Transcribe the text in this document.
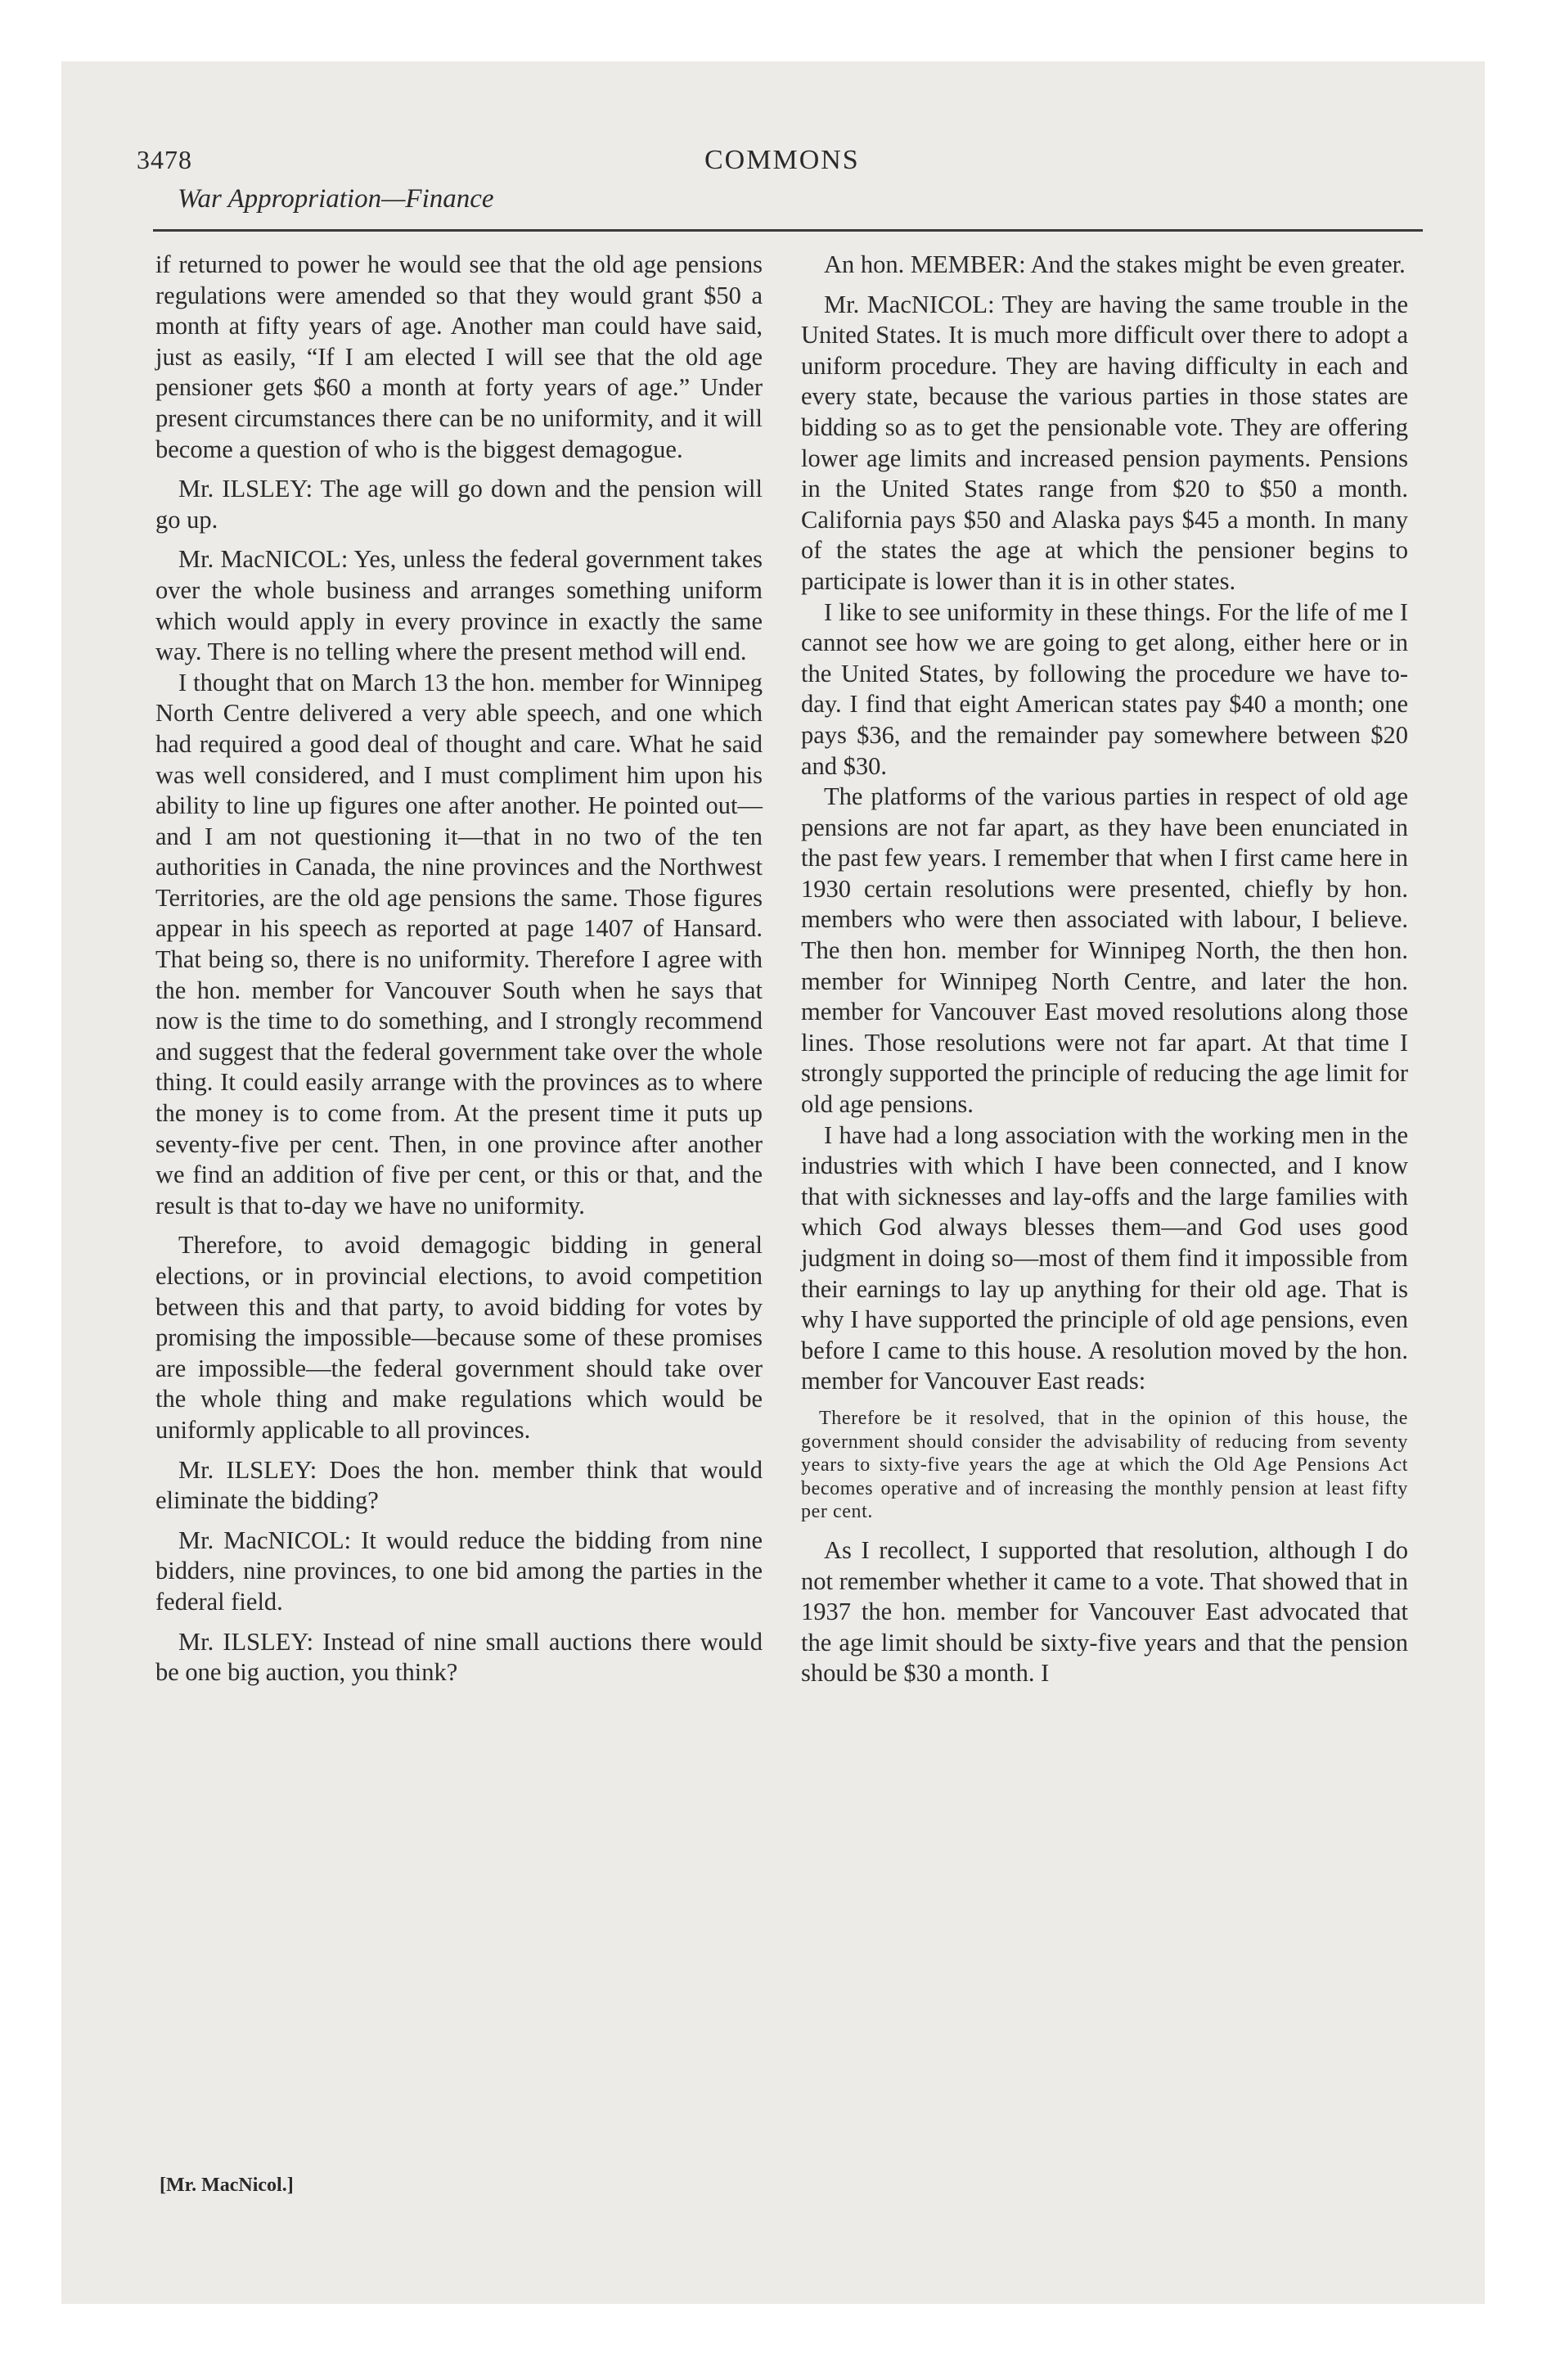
3478
War Appropriation—Finance
COMMONS

if returned to power he would see that the old age pensions regulations were amended so that they would grant $50 a month at fifty years of age. Another man could have said, just as easily, “If I am elected I will see that the old age pensioner gets $60 a month at forty years of age.” Under present circumstances there can be no uniformity, and it will become a question of who is the biggest demagogue.

Mr. ILSLEY: The age will go down and the pension will go up.

Mr. MacNICOL: Yes, unless the federal government takes over the whole business and arranges something uniform which would apply in every province in exactly the same way. There is no telling where the present method will end.

I thought that on March 13 the hon. member for Winnipeg North Centre delivered a very able speech, and one which had required a good deal of thought and care. What he said was well considered, and I must compliment him upon his ability to line up figures one after another. He pointed out—and I am not questioning it—that in no two of the ten authorities in Canada, the nine provinces and the Northwest Territories, are the old age pensions the same. Those figures appear in his speech as reported at page 1407 of Hansard. That being so, there is no uniformity. Therefore I agree with the hon. member for Vancouver South when he says that now is the time to do something, and I strongly recommend and suggest that the federal government take over the whole thing. It could easily arrange with the provinces as to where the money is to come from. At the present time it puts up seventy-five per cent. Then, in one province after another we find an addition of five per cent, or this or that, and the result is that to-day we have no uniformity.

Therefore, to avoid demagogic bidding in general elections, or in provincial elections, to avoid competition between this and that party, to avoid bidding for votes by promising the impossible—because some of these promises are impossible—the federal government should take over the whole thing and make regulations which would be uniformly applicable to all provinces.

Mr. ILSLEY: Does the hon. member think that would eliminate the bidding?

Mr. MacNICOL: It would reduce the bidding from nine bidders, nine provinces, to one bid among the parties in the federal field.

Mr. ILSLEY: Instead of nine small auctions there would be one big auction, you think?

An hon. MEMBER: And the stakes might be even greater.

Mr. MacNICOL: They are having the same trouble in the United States. It is much more difficult over there to adopt a uniform procedure. They are having difficulty in each and every state, because the various parties in those states are bidding so as to get the pensionable vote. They are offering lower age limits and increased pension payments. Pensions in the United States range from $20 to $50 a month. California pays $50 and Alaska pays $45 a month. In many of the states the age at which the pensioner begins to participate is lower than it is in other states.

I like to see uniformity in these things. For the life of me I cannot see how we are going to get along, either here or in the United States, by following the procedure we have to-day. I find that eight American states pay $40 a month; one pays $36, and the remainder pay somewhere between $20 and $30.

The platforms of the various parties in respect of old age pensions are not far apart, as they have been enunciated in the past few years. I remember that when I first came here in 1930 certain resolutions were presented, chiefly by hon. members who were then associated with labour, I believe. The then hon. member for Winnipeg North, the then hon. member for Winnipeg North Centre, and later the hon. member for Vancouver East moved resolutions along those lines. Those resolutions were not far apart. At that time I strongly supported the principle of reducing the age limit for old age pensions.

I have had a long association with the working men in the industries with which I have been connected, and I know that with sicknesses and lay-offs and the large families with which God always blesses them—and God uses good judgment in doing so—most of them find it impossible from their earnings to lay up anything for their old age. That is why I have supported the principle of old age pensions, even before I came to this house. A resolution moved by the hon. member for Vancouver East reads:

Therefore be it resolved, that in the opinion of this house, the government should consider the advisability of reducing from seventy years to sixty-five years the age at which the Old Age Pensions Act becomes operative and of increasing the monthly pension at least fifty per cent.

As I recollect, I supported that resolution, although I do not remember whether it came to a vote. That showed that in 1937 the hon. member for Vancouver East advocated that the age limit should be sixty-five years and that the pension should be $30 a month. I

[Mr. MacNicol.]
